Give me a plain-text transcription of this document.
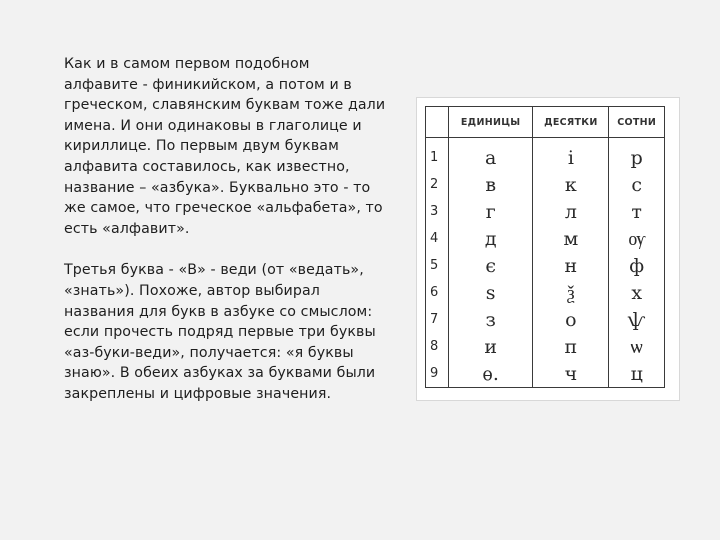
Как и в самом первом подобном
алфавите - финикийском, а потом и в
греческом, славянским буквам тоже дали
имена. И они одинаковы в глаголице и
кириллице. По первым двум буквам
алфавита составилось, как известно,
название – «азбука». Буквально это - то
же самое, что греческое «альфабета», то
есть «алфавит».

Третья буква - «В» - веди (от «ведать»,
«знать»). Похоже, автор выбирал
названия для букв в азбуке со смыслом:
если прочесть подряд первые три буквы
«аз-буки-веди», получается: «я буквы
знаю». В обеих азбуках за буквами были
закреплены и цифровые значения.

	ЕДИНИЦЫ	ДЕСЯТКИ	СОТНИ
1	а	і	р
2	в	к	с
3	г	л	т
4	д	м	ѹ
5	є	н	ф
6	s	ѯ	х
7	з	о	ѱ
8	и	п	ѡ
9	ѳ.	ч	ц
